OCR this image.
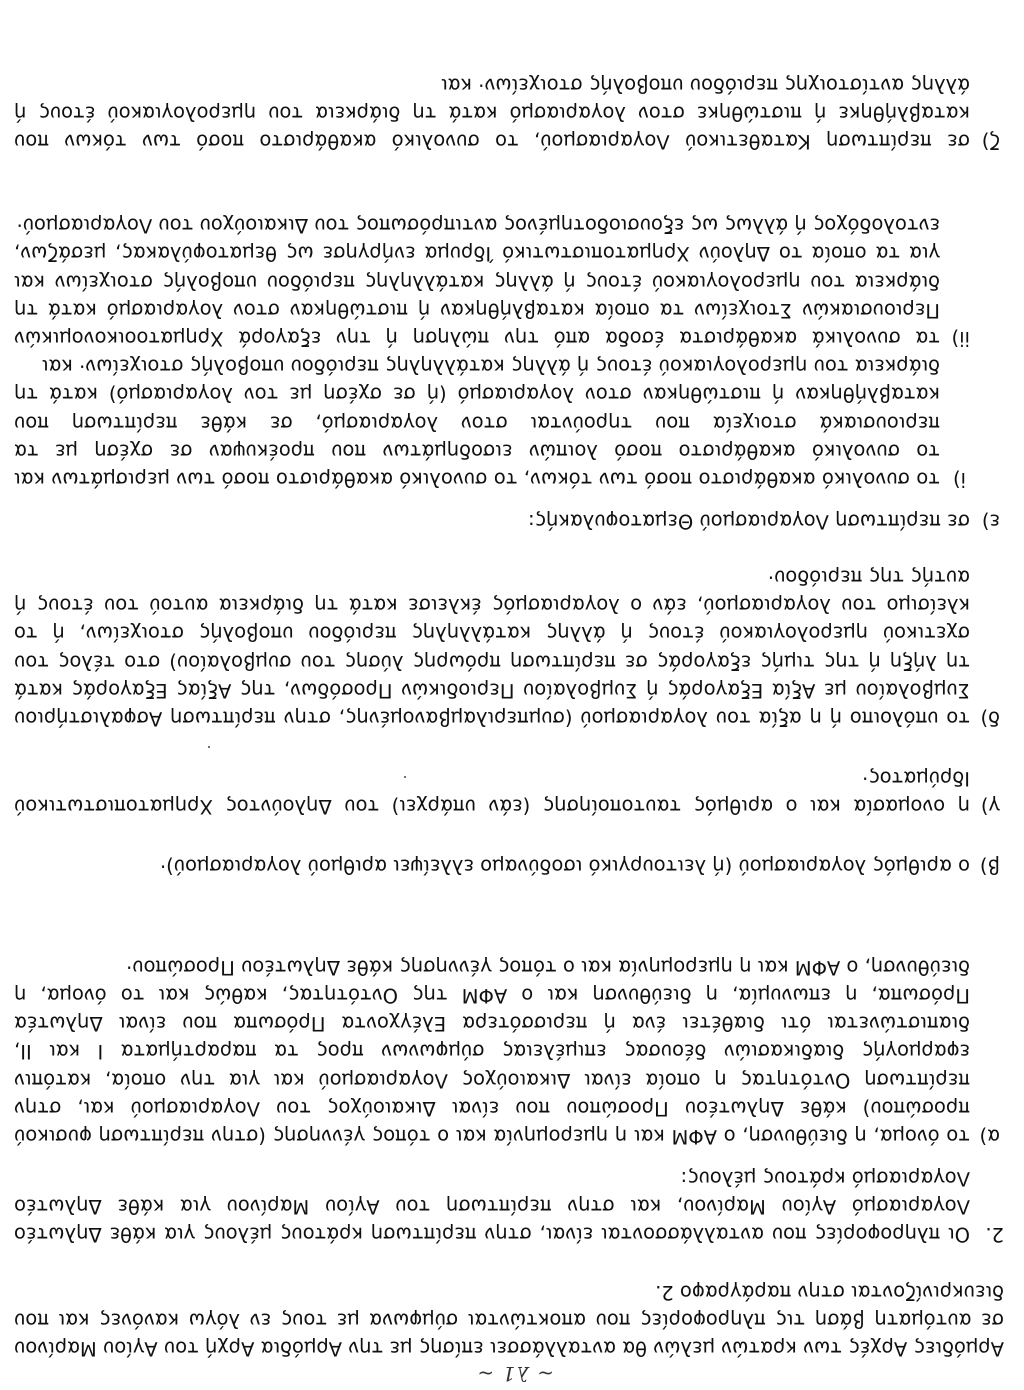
~ λ1 ~

Αρμόδιες Αρχές των κρατών μελών θα ανταλλάσσει επίσης με την Αρμόδια Αρχή του Αγίου Μαρίνου σε αυτόματη βάση τις πληροφορίες που αποκτώνται σύμφωνα με τους εν λόγω κανόνες και που διευκρινίζονται στην παράγραφο 2.

2.
Οι πληροφορίες που ανταλλάσσονται είναι, στην περίπτωση κράτους μέλους για κάθε Δηλωτέο Λογαριασμό Αγίου Μαρίνου, και στην περίπτωση του Αγίου Μαρίνου για κάθε Δηλωτέο Λογαριασμό κράτους μέλους:

α)
το όνομα, η διεύθυνση, ο ΑΦΜ και η ημερομηνία και ο τόπος γέννησης (στην περίπτωση φυσικού προσώπου) κάθε Δηλωτέου Προσώπου που είναι Δικαιούχος του Λογαριασμού και, στην περίπτωση Οντότητας η οποία είναι Δικαιούχος Λογαριασμού και για την οποία, κατόπιν εφαρμογής διαδικασιών δέουσας επιμέλειας σύμφωνων προς τα παραρτήματα I και II, διαπιστώνεται ότι διαθέτει ένα ή περισσότερα Ελέγχοντα Πρόσωπα που είναι Δηλωτέα Πρόσωπα, η επωνυμία, η διεύθυνση και ο ΑΦΜ της Οντότητας, καθώς και το όνομα, η διεύθυνση, ο ΑΦΜ και η ημερομηνία και ο τόπος γέννησης κάθε Δηλωτέου Προσώπου·

β)
ο αριθμός λογαριασμού (ή λειτουργικό ισοδύναμο ελλείψει αριθμού λογαριασμού)·

γ)
η ονομασία και ο αριθμός ταυτοποίησης (εάν υπάρχει) του Δηλούντος Χρηματοπιστωτικού Ιδρύματος·

δ)
το υπόλοιπο ή η αξία του λογαριασμού (συμπεριλαμβανομένης, στην περίπτωση Ασφαλιστήριου Συμβολαίου με Αξία Εξαγοράς ή Συμβολαίου Περιοδικών Προσόδων, της Αξίας Εξαγοράς κατά τη λήξη ή της τιμής εξαγοράς σε περίπτωση πρόωρης λύσης του συμβολαίου) στο τέλος του σχετικού ημερολογιακού έτους ή άλλης κατάλληλης περιόδου υποβολής στοιχείων, ή το κλείσιμο του λογαριασμού, εάν ο λογαριασμός έκλεισε κατά τη διάρκεια αυτού του έτους ή αυτής της περιόδου·

ε)
σε περίπτωση Λογαριασμού Θεματοφυλακής:

i)
το συνολικό ακαθάριστο ποσό των τόκων, το συνολικό ακαθάριστο ποσό των μερισμάτων και το συνολικό ακαθάριστο ποσό λοιπών εισοδημάτων που προέκυψαν σε σχέση με τα περιουσιακά στοιχεία που τηρούνται στον λογαριασμό, σε κάθε περίπτωση που καταβλήθηκαν ή πιστώθηκαν στον λογαριασμό (ή σε σχέση με τον λογαριασμό) κατά τη διάρκεια του ημερολογιακού έτους ή άλλης κατάλληλης περιόδου υποβολής στοιχείων· και

ii)
τα συνολικά ακαθάριστα έσοδα από την πώληση ή την εξαγορά Χρηματοοικονομικών Περιουσιακών Στοιχείων τα οποία καταβλήθηκαν ή πιστώθηκαν στον λογαριασμό κατά τη διάρκεια του ημερολογιακού έτους ή άλλης κατάλληλης περιόδου υποβολής στοιχείων και για τα οποία το Δηλούν Χρηματοπιστωτικό Ίδρυμα ενήργησε ως θεματοφύλακας, μεσάζων, εντολοδόχος ή άλλως ως εξουσιοδοτημένος αντιπρόσωπος του Δικαιούχου του Λογαριασμού·

ζ)
σε περίπτωση Καταθετικού Λογαριασμού, το συνολικό ακαθάριστο ποσό των τόκων που καταβλήθηκε ή πιστώθηκε στον λογαριασμό κατά τη διάρκεια του ημερολογιακού έτους ή άλλης αντίστοιχης περιόδου υποβολής στοιχείων· και
